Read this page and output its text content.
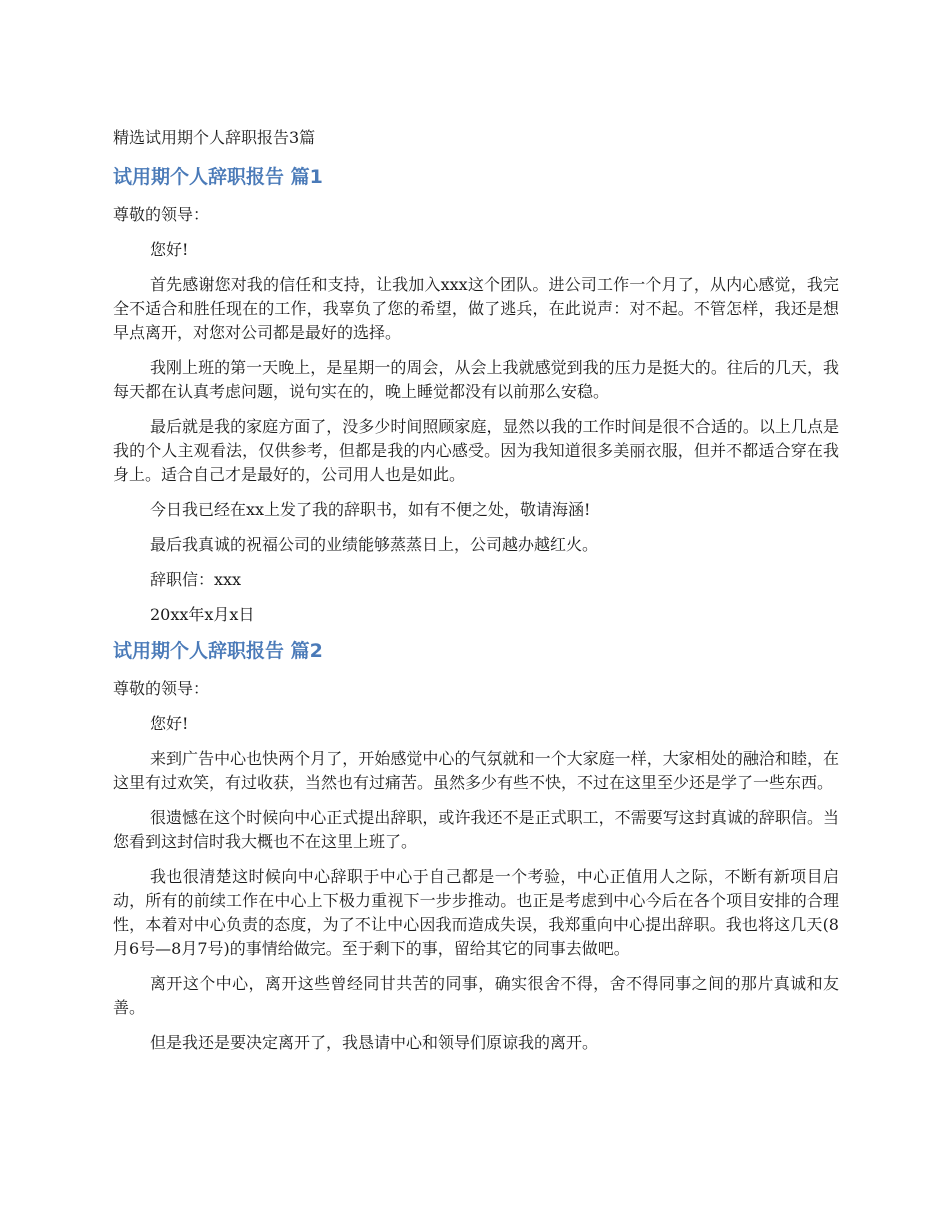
精选试用期个人辞职报告3篇

试用期个人辞职报告 篇1

尊敬的领导：

您好!

首先感谢您对我的信任和支持，让我加入xxx这个团队。进公司工作一个月了，从内心感觉，我完全不适合和胜任现在的工作，我辜负了您的希望，做了逃兵，在此说声：对不起。不管怎样，我还是想早点离开，对您对公司都是最好的选择。

我刚上班的第一天晚上，是星期一的周会，从会上我就感觉到我的压力是挺大的。往后的几天，我每天都在认真考虑问题，说句实在的，晚上睡觉都没有以前那么安稳。

最后就是我的家庭方面了，没多少时间照顾家庭，显然以我的工作时间是很不合适的。以上几点是我的个人主观看法，仅供参考，但都是我的内心感受。因为我知道很多美丽衣服，但并不都适合穿在我身上。适合自己才是最好的，公司用人也是如此。

今日我已经在xx上发了我的辞职书，如有不便之处，敬请海涵!

最后我真诚的祝福公司的业绩能够蒸蒸日上，公司越办越红火。

辞职信：xxx

20xx年x月x日

试用期个人辞职报告 篇2

尊敬的领导：

您好!

来到广告中心也快两个月了，开始感觉中心的气氛就和一个大家庭一样，大家相处的融洽和睦，在这里有过欢笑，有过收获，当然也有过痛苦。虽然多少有些不快，不过在这里至少还是学了一些东西。

很遗憾在这个时候向中心正式提出辞职，或许我还不是正式职工，不需要写这封真诚的辞职信。当您看到这封信时我大概也不在这里上班了。

我也很清楚这时候向中心辞职于中心于自己都是一个考验，中心正值用人之际，不断有新项目启动，所有的前续工作在中心上下极力重视下一步步推动。也正是考虑到中心今后在各个项目安排的合理性，本着对中心负责的态度，为了不让中心因我而造成失误，我郑重向中心提出辞职。我也将这几天(8月6号—8月7号)的事情给做完。至于剩下的事，留给其它的同事去做吧。

离开这个中心，离开这些曾经同甘共苦的同事，确实很舍不得，舍不得同事之间的那片真诚和友善。

但是我还是要决定离开了，我恳请中心和领导们原谅我的离开。
